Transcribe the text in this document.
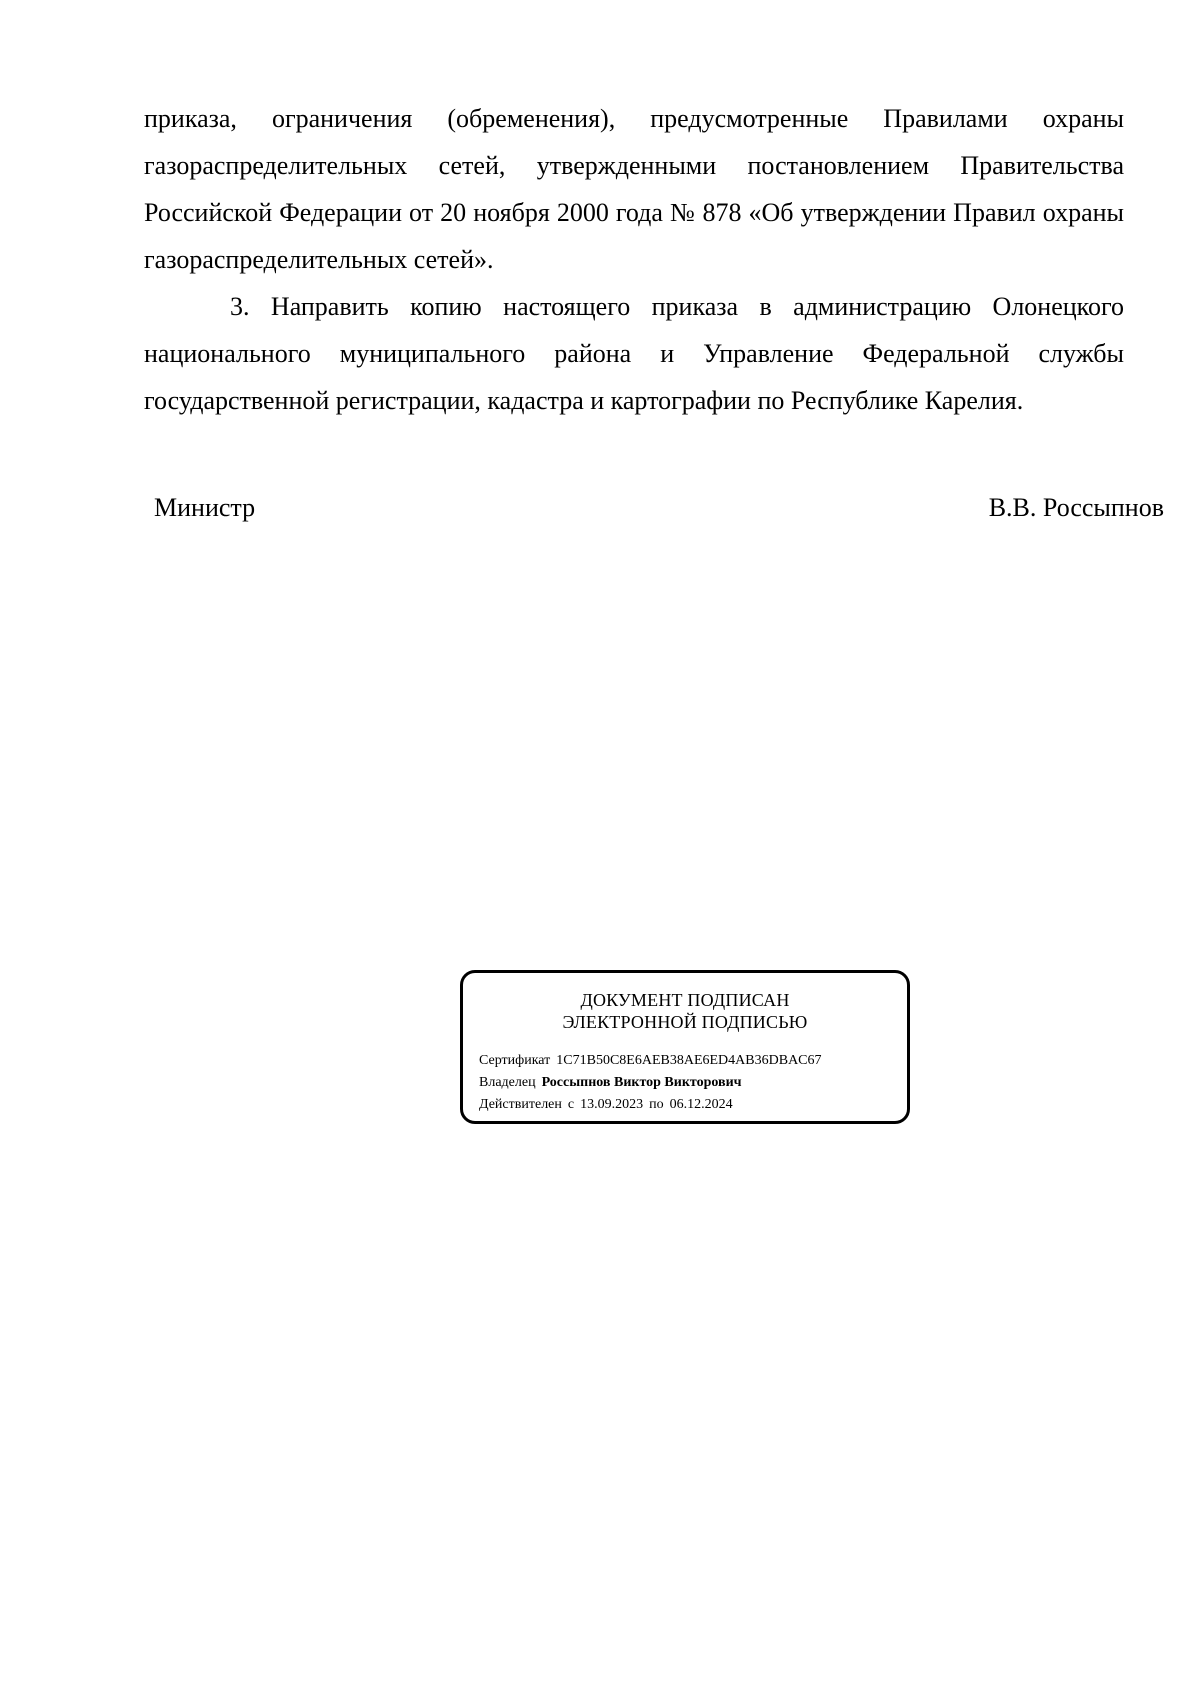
приказа, ограничения (обременения), предусмотренные Правилами охраны газораспределительных сетей, утвержденными постановлением Правительства Российской Федерации от 20 ноября 2000 года № 878 «Об утверждении Правил охраны газораспределительных сетей».
3. Направить копию настоящего приказа в администрацию Олонецкого национального муниципального района и Управление Федеральной службы государственной регистрации, кадастра и картографии по Республике Карелия.
Министр	В.В. Россыпнов
ДОКУМЕНТ ПОДПИСАН
ЭЛЕКТРОННОЙ ПОДПИСЬЮ
Сертификат 1C71B50C8E6AEB38AE6ED4AB36DBAC67
Владелец Россыпнов Виктор Викторович
Действителен с 13.09.2023 по 06.12.2024
